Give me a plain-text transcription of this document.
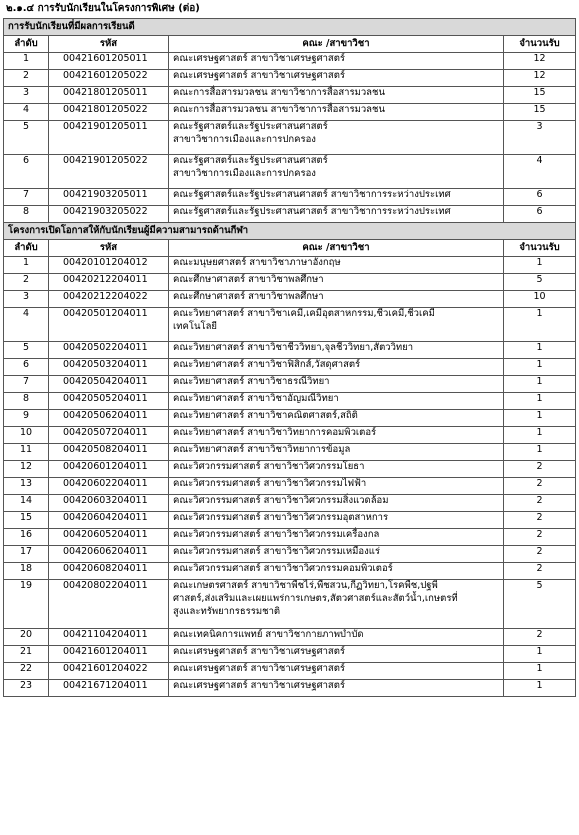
๒.๑.๔ การรับนักเรียนในโครงการพิเศษ (ต่อ)
การรับนักเรียนที่มีผลการเรียนดี			
ลำดับ	รหัส	คณะ /สาขาวิชา	จำนวนรับ
1	00421601205011	คณะเศรษฐศาสตร์ สาขาวิชาเศรษฐศาสตร์	12
2	00421601205022	คณะเศรษฐศาสตร์ สาขาวิชาเศรษฐศาสตร์	12
3	00421801205011	คณะการสื่อสารมวลชน สาขาวิชาการสื่อสารมวลชน	15
4	00421801205022	คณะการสื่อสารมวลชน สาขาวิชาการสื่อสารมวลชน	15
5	00421901205011	คณะรัฐศาสตร์และรัฐประศาสนศาสตร์
สาขาวิชาการเมืองและการปกครอง	3
6	00421901205022	คณะรัฐศาสตร์และรัฐประศาสนศาสตร์
สาขาวิชาการเมืองและการปกครอง	4
7	00421903205011	คณะรัฐศาสตร์และรัฐประศาสนศาสตร์ สาขาวิชาการระหว่างประเทศ	6
8	00421903205022	คณะรัฐศาสตร์และรัฐประศาสนศาสตร์ สาขาวิชาการระหว่างประเทศ	6
โครงการเปิดโอกาสให้กับนักเรียนผู้มีความสามารถด้านกีฬา			
ลำดับ	รหัส	คณะ /สาขาวิชา	จำนวนรับ
1	00420101204012	คณะมนุษยศาสตร์ สาขาวิชาภาษาอังกฤษ	1
2	00420212204011	คณะศึกษาศาสตร์ สาขาวิชาพลศึกษา	5
3	00420212204022	คณะศึกษาศาสตร์ สาขาวิชาพลศึกษา	10
4	00420501204011	คณะวิทยาศาสตร์ สาขาวิชาเคมี,เคมีอุตสาหกรรม,ชีวเคมี,ชีวเคมี
เทคโนโลยี	1
5	00420502204011	คณะวิทยาศาสตร์ สาขาวิชาชีววิทยา,จุลชีววิทยา,สัตววิทยา	1
6	00420503204011	คณะวิทยาศาสตร์ สาขาวิชาฟิสิกส์,วัสดุศาสตร์	1
7	00420504204011	คณะวิทยาศาสตร์ สาขาวิชาธรณีวิทยา	1
8	00420505204011	คณะวิทยาศาสตร์ สาขาวิชาอัญมณีวิทยา	1
9	00420506204011	คณะวิทยาศาสตร์ สาขาวิชาคณิตศาสตร์,สถิติ	1
10	00420507204011	คณะวิทยาศาสตร์ สาขาวิชาวิทยาการคอมพิวเตอร์	1
11	00420508204011	คณะวิทยาศาสตร์ สาขาวิชาวิทยาการข้อมูล	1
12	00420601204011	คณะวิศวกรรมศาสตร์ สาขาวิชาวิศวกรรมโยธา	2
13	00420602204011	คณะวิศวกรรมศาสตร์ สาขาวิชาวิศวกรรมไฟฟ้า	2
14	00420603204011	คณะวิศวกรรมศาสตร์ สาขาวิชาวิศวกรรมสิ่งแวดล้อม	2
15	00420604204011	คณะวิศวกรรมศาสตร์ สาขาวิชาวิศวกรรมอุตสาหการ	2
16	00420605204011	คณะวิศวกรรมศาสตร์ สาขาวิชาวิศวกรรมเครื่องกล	2
17	00420606204011	คณะวิศวกรรมศาสตร์ สาขาวิชาวิศวกรรมเหมืองแร่	2
18	00420608204011	คณะวิศวกรรมศาสตร์ สาขาวิชาวิศวกรรมคอมพิวเตอร์	2
19	00420802204011	คณะเกษตรศาสตร์ สาขาวิชาพืชไร่,พืชสวน,กีฏวิทยา,โรคพืช,ปฐพี
ศาสตร์,ส่งเสริมและเผยแพร่การเกษตร,สัตวศาสตร์และสัตว์น้ำ,เกษตรที่
สูงและทรัพยากรธรรมชาติ	5
20	00421104204011	คณะเทคนิคการแพทย์ สาขาวิชากายภาพบำบัด	2
21	00421601204011	คณะเศรษฐศาสตร์ สาขาวิชาเศรษฐศาสตร์	1
22	00421601204022	คณะเศรษฐศาสตร์ สาขาวิชาเศรษฐศาสตร์	1
23	00421671204011	คณะเศรษฐศาสตร์ สาขาวิชาเศรษฐศาสตร์	1
